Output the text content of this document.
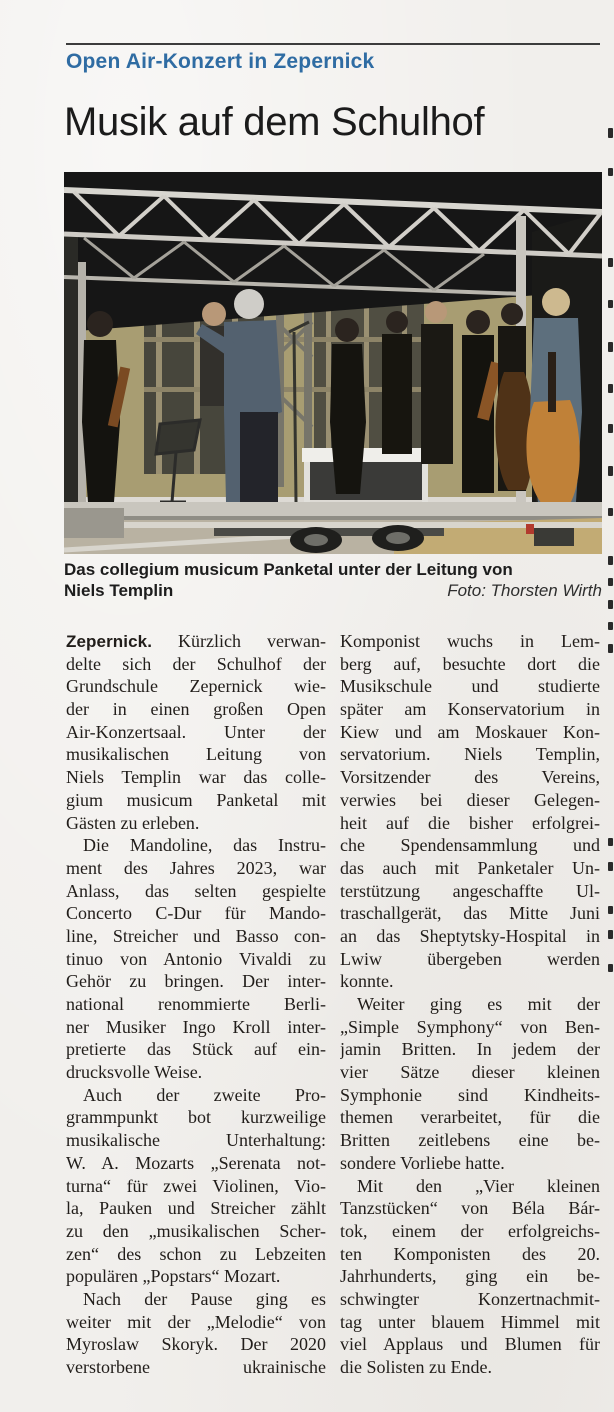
Open Air-Konzert in Zepernick
Musik auf dem Schulhof
Das collegium musicum Panketal unter der Leitung von
Niels Templin	Foto: Thorsten Wirth
Zepernick. Kürzlich verwan-
delte sich der Schulhof der
Grundschule Zepernick wie-
der in einen großen Open
Air-Konzertsaal. Unter der
musikalischen Leitung von
Niels Templin war das colle-
gium musicum Panketal mit
Gästen zu erleben.
Die Mandoline, das Instru-
ment des Jahres 2023, war
Anlass, das selten gespielte
Concerto C-Dur für Mando-
line, Streicher und Basso con-
tinuo von Antonio Vivaldi zu
Gehör zu bringen. Der inter-
national renommierte Berli-
ner Musiker Ingo Kroll inter-
pretierte das Stück auf ein-
drucksvolle Weise.
Auch der zweite Pro-
grammpunkt bot kurzweilige
musikalische Unterhaltung:
W. A. Mozarts „Serenata not-
turna“ für zwei Violinen, Vio-
la, Pauken und Streicher zählt
zu den „musikalischen Scher-
zen“ des schon zu Lebzeiten
populären „Popstars“ Mozart.
Nach der Pause ging es
weiter mit der „Melodie“ von
Myroslaw Skoryk. Der 2020
verstorbene ukrainische
Komponist wuchs in Lem-
berg auf, besuchte dort die
Musikschule und studierte
später am Konservatorium in
Kiew und am Moskauer Kon-
servatorium. Niels Templin,
Vorsitzender des Vereins,
verwies bei dieser Gelegen-
heit auf die bisher erfolgrei-
che Spendensammlung und
das auch mit Panketaler Un-
terstützung angeschaffte Ul-
traschallgerät, das Mitte Juni
an das Sheptytsky-Hospital in
Lwiw übergeben werden
konnte.
Weiter ging es mit der
„Simple Symphony“ von Ben-
jamin Britten. In jedem der
vier Sätze dieser kleinen
Symphonie sind Kindheits-
themen verarbeitet, für die
Britten zeitlebens eine be-
sondere Vorliebe hatte.
Mit den „Vier kleinen
Tanzstücken“ von Béla Bár-
tok, einem der erfolgreichs-
ten Komponisten des 20.
Jahrhunderts, ging ein be-
schwingter Konzertnachmit-
tag unter blauem Himmel mit
viel Applaus und Blumen für
die Solisten zu Ende.
